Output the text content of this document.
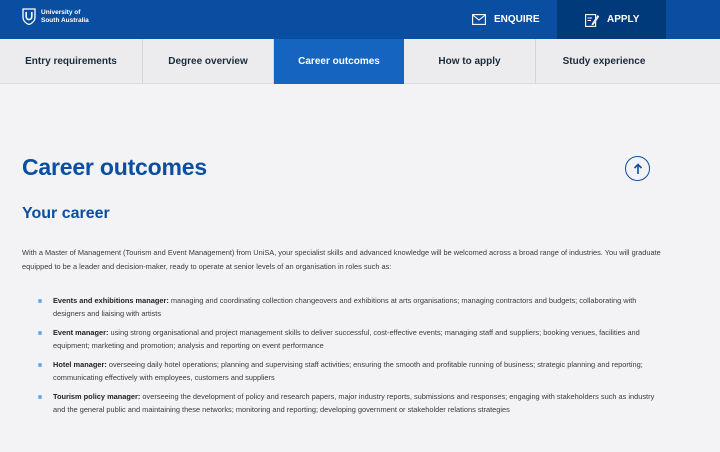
University of
South Australia	ENQUIRE	APPLY
Entry requirements	Degree overview	Career outcomes	How to apply	Study experience
Career outcomes
Your career

With a Master of Management (Tourism and Event Management) from UniSA, your specialist skills and advanced knowledge will be welcomed across a broad range of industries. You will graduate equipped to be a leader and decision-maker, ready to operate at senior levels of an organisation in roles such as:

Events and exhibitions manager: managing and coordinating collection changeovers and exhibitions at arts organisations; managing contractors and budgets; collaborating with designers and liaising with artists
Event manager: using strong organisational and project management skills to deliver successful, cost-effective events; managing staff and suppliers; booking venues, facilities and equipment; marketing and promotion; analysis and reporting on event performance
Hotel manager: overseeing daily hotel operations; planning and supervising staff activities; ensuring the smooth and profitable running of business; strategic planning and reporting; communicating effectively with employees, customers and suppliers
Tourism policy manager: overseeing the development of policy and research papers, major industry reports, submissions and responses; engaging with stakeholders such as industry and the general public and maintaining these networks; monitoring and reporting; developing government or stakeholder relations strategies
